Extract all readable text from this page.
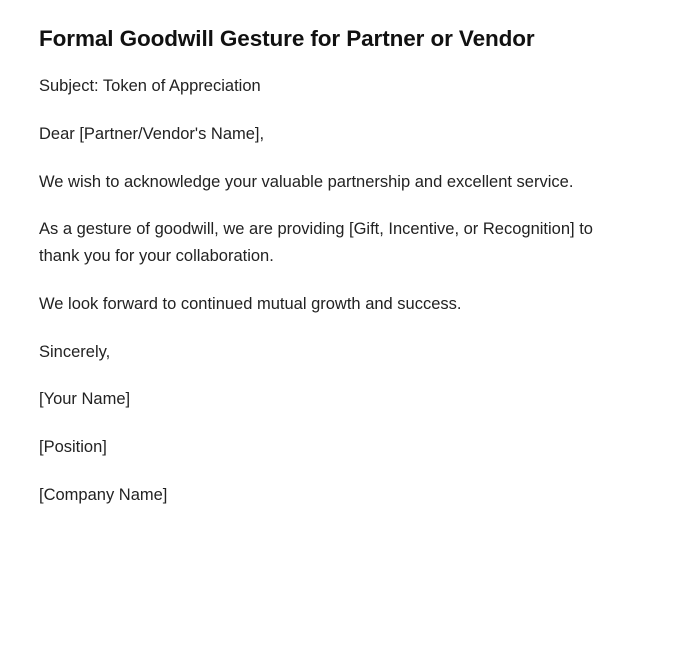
Formal Goodwill Gesture for Partner or Vendor

Subject: Token of Appreciation

Dear [Partner/Vendor's Name],

We wish to acknowledge your valuable partnership and excellent service.

As a gesture of goodwill, we are providing [Gift, Incentive, or Recognition] to thank you for your collaboration.

We look forward to continued mutual growth and success.

Sincerely,

[Your Name]

[Position]

[Company Name]
